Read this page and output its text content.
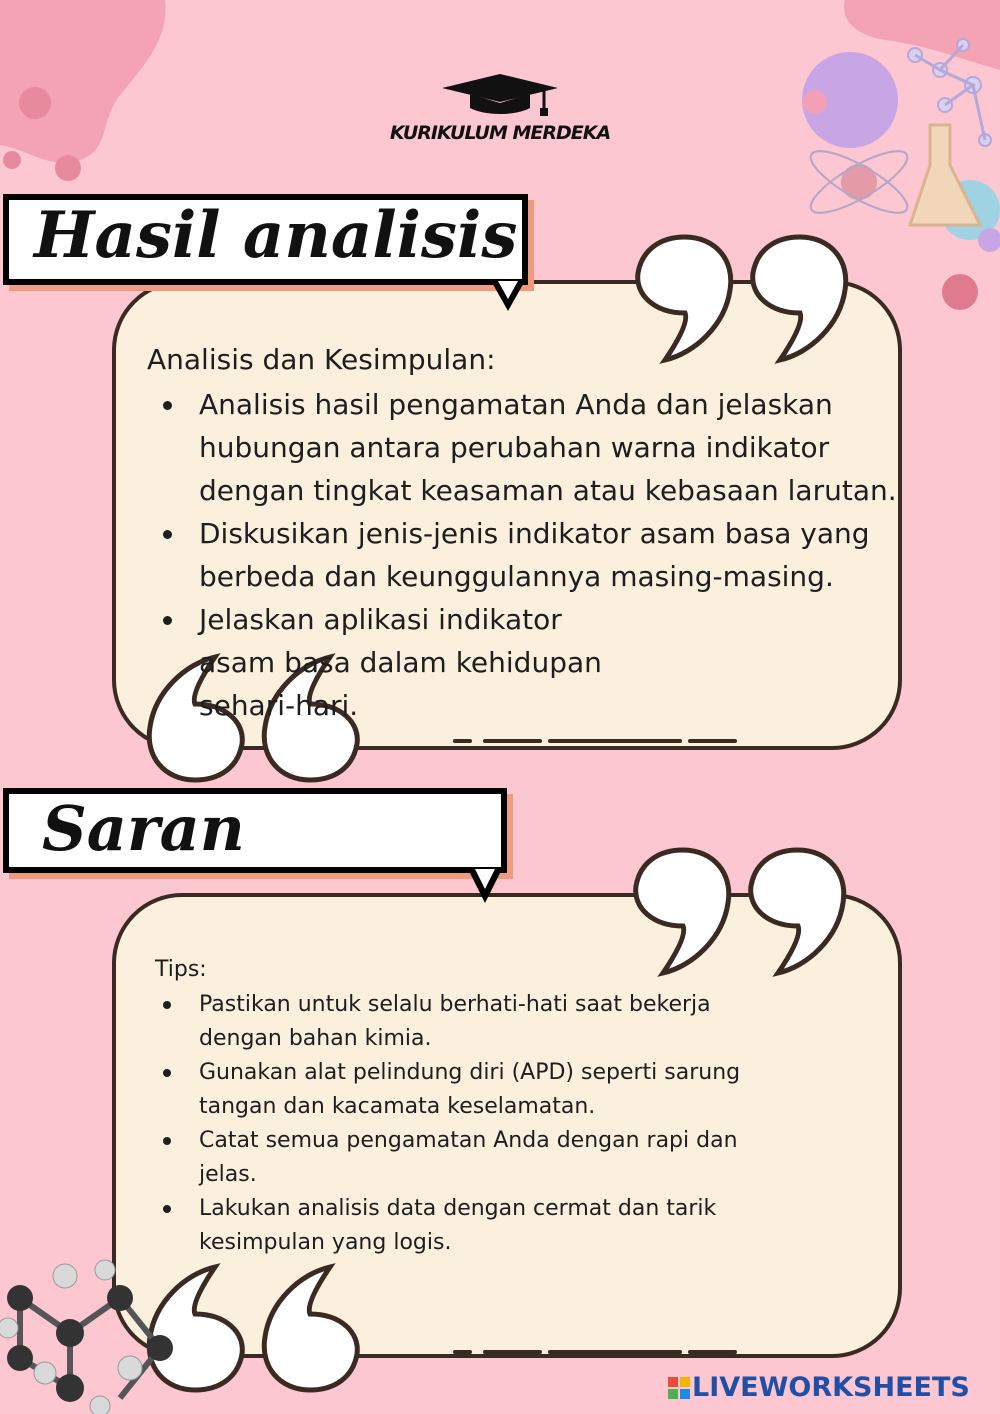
KURIKULUM MERDEKA
Hasil analisis
Analisis dan Kesimpulan:
Analisis hasil pengamatan Anda dan jelaskan hubungan antara perubahan warna indikator dengan tingkat keasaman atau kebasaan larutan.
Diskusikan jenis-jenis indikator asam basa yang berbeda dan keunggulannya masing-masing.
Jelaskan aplikasi indikator asam basa dalam kehidupan sehari-hari.
Saran
Tips:
Pastikan untuk selalu berhati-hati saat bekerja dengan bahan kimia.
Gunakan alat pelindung diri (APD) seperti sarung tangan dan kacamata keselamatan.
Catat semua pengamatan Anda dengan rapi dan jelas.
Lakukan analisis data dengan cermat dan tarik kesimpulan yang logis.
LIVEWORKSHEETS
